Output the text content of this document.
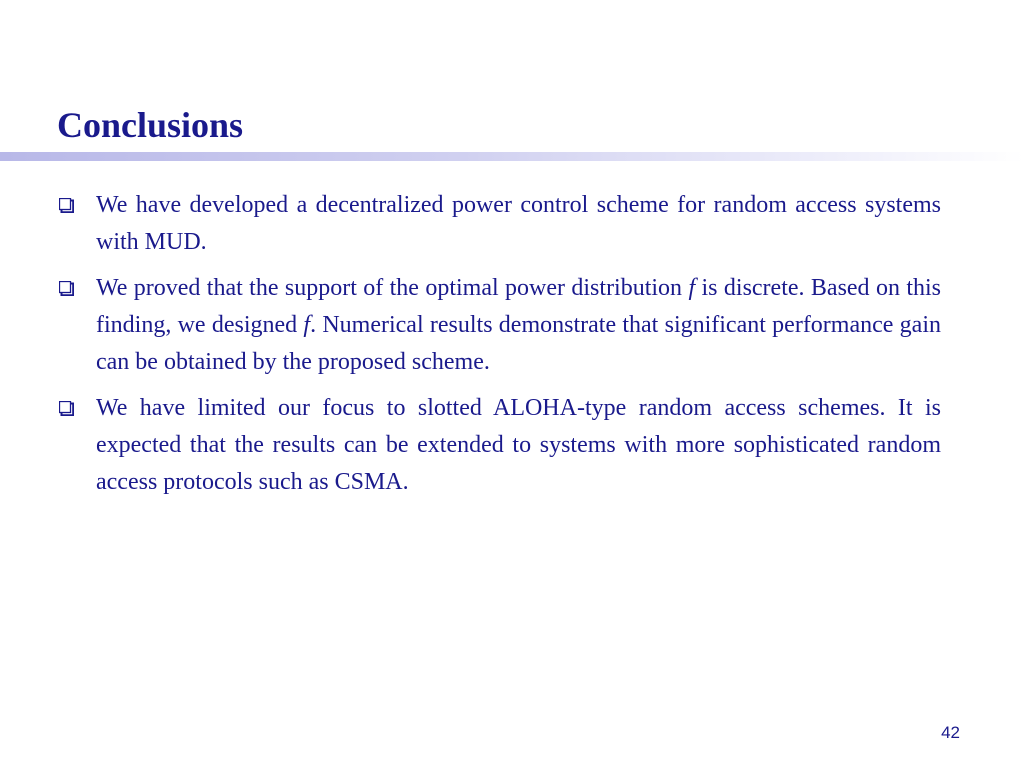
Conclusions
We have developed a decentralized power control scheme for random access systems with MUD.
We proved that the support of the optimal power distribution f is discrete. Based on this finding, we designed f. Numerical results demonstrate that significant performance gain can be obtained by the proposed scheme.
We have limited our focus to slotted ALOHA-type random access schemes. It is expected that the results can be extended to systems with more sophisticated random access protocols such as CSMA.
42
